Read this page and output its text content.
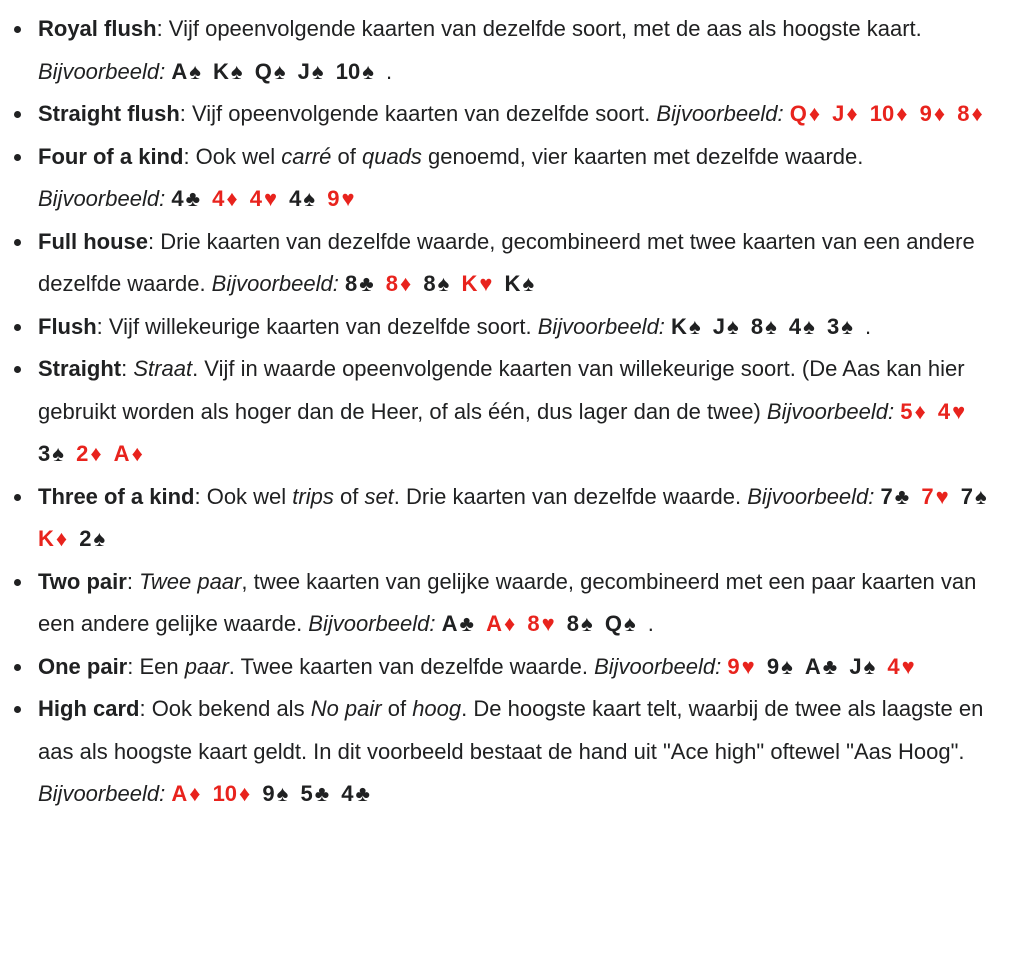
Royal flush: Vijf opeenvolgende kaarten van dezelfde soort, met de aas als hoogste kaart. Bijvoorbeeld: A♠ K♠ Q♠ J♠ 10♠ .
Straight flush: Vijf opeenvolgende kaarten van dezelfde soort. Bijvoorbeeld: Q♦ J♦ 10♦ 9♦ 8♦
Four of a kind: Ook wel carré of quads genoemd, vier kaarten met dezelfde waarde. Bijvoorbeeld: 4♣ 4♦ 4♥ 4♠ 9♥
Full house: Drie kaarten van dezelfde waarde, gecombineerd met twee kaarten van een andere dezelfde waarde. Bijvoorbeeld: 8♣ 8♦ 8♠ K♥ K♠
Flush: Vijf willekeurige kaarten van dezelfde soort. Bijvoorbeeld: K♠ J♠ 8♠ 4♠ 3♠ .
Straight: Straat. Vijf in waarde opeenvolgende kaarten van willekeurige soort. (De Aas kan hier gebruikt worden als hoger dan de Heer, of als één, dus lager dan de twee) Bijvoorbeeld: 5♦ 4♥ 3♠ 2♦ A♦
Three of a kind: Ook wel trips of set. Drie kaarten van dezelfde waarde. Bijvoorbeeld: 7♣ 7♥ 7♠ K♦ 2♠
Two pair: Twee paar, twee kaarten van gelijke waarde, gecombineerd met een paar kaarten van een andere gelijke waarde. Bijvoorbeeld: A♣ A♦ 8♥ 8♠ Q♠ .
One pair: Een paar. Twee kaarten van dezelfde waarde. Bijvoorbeeld: 9♥ 9♠ A♣ J♠ 4♥
High card: Ook bekend als No pair of hoog. De hoogste kaart telt, waarbij de twee als laagste en aas als hoogste kaart geldt. In dit voorbeeld bestaat de hand uit "Ace high" oftewel "Aas Hoog". Bijvoorbeeld: A♦ 10♦ 9♠ 5♣ 4♣
